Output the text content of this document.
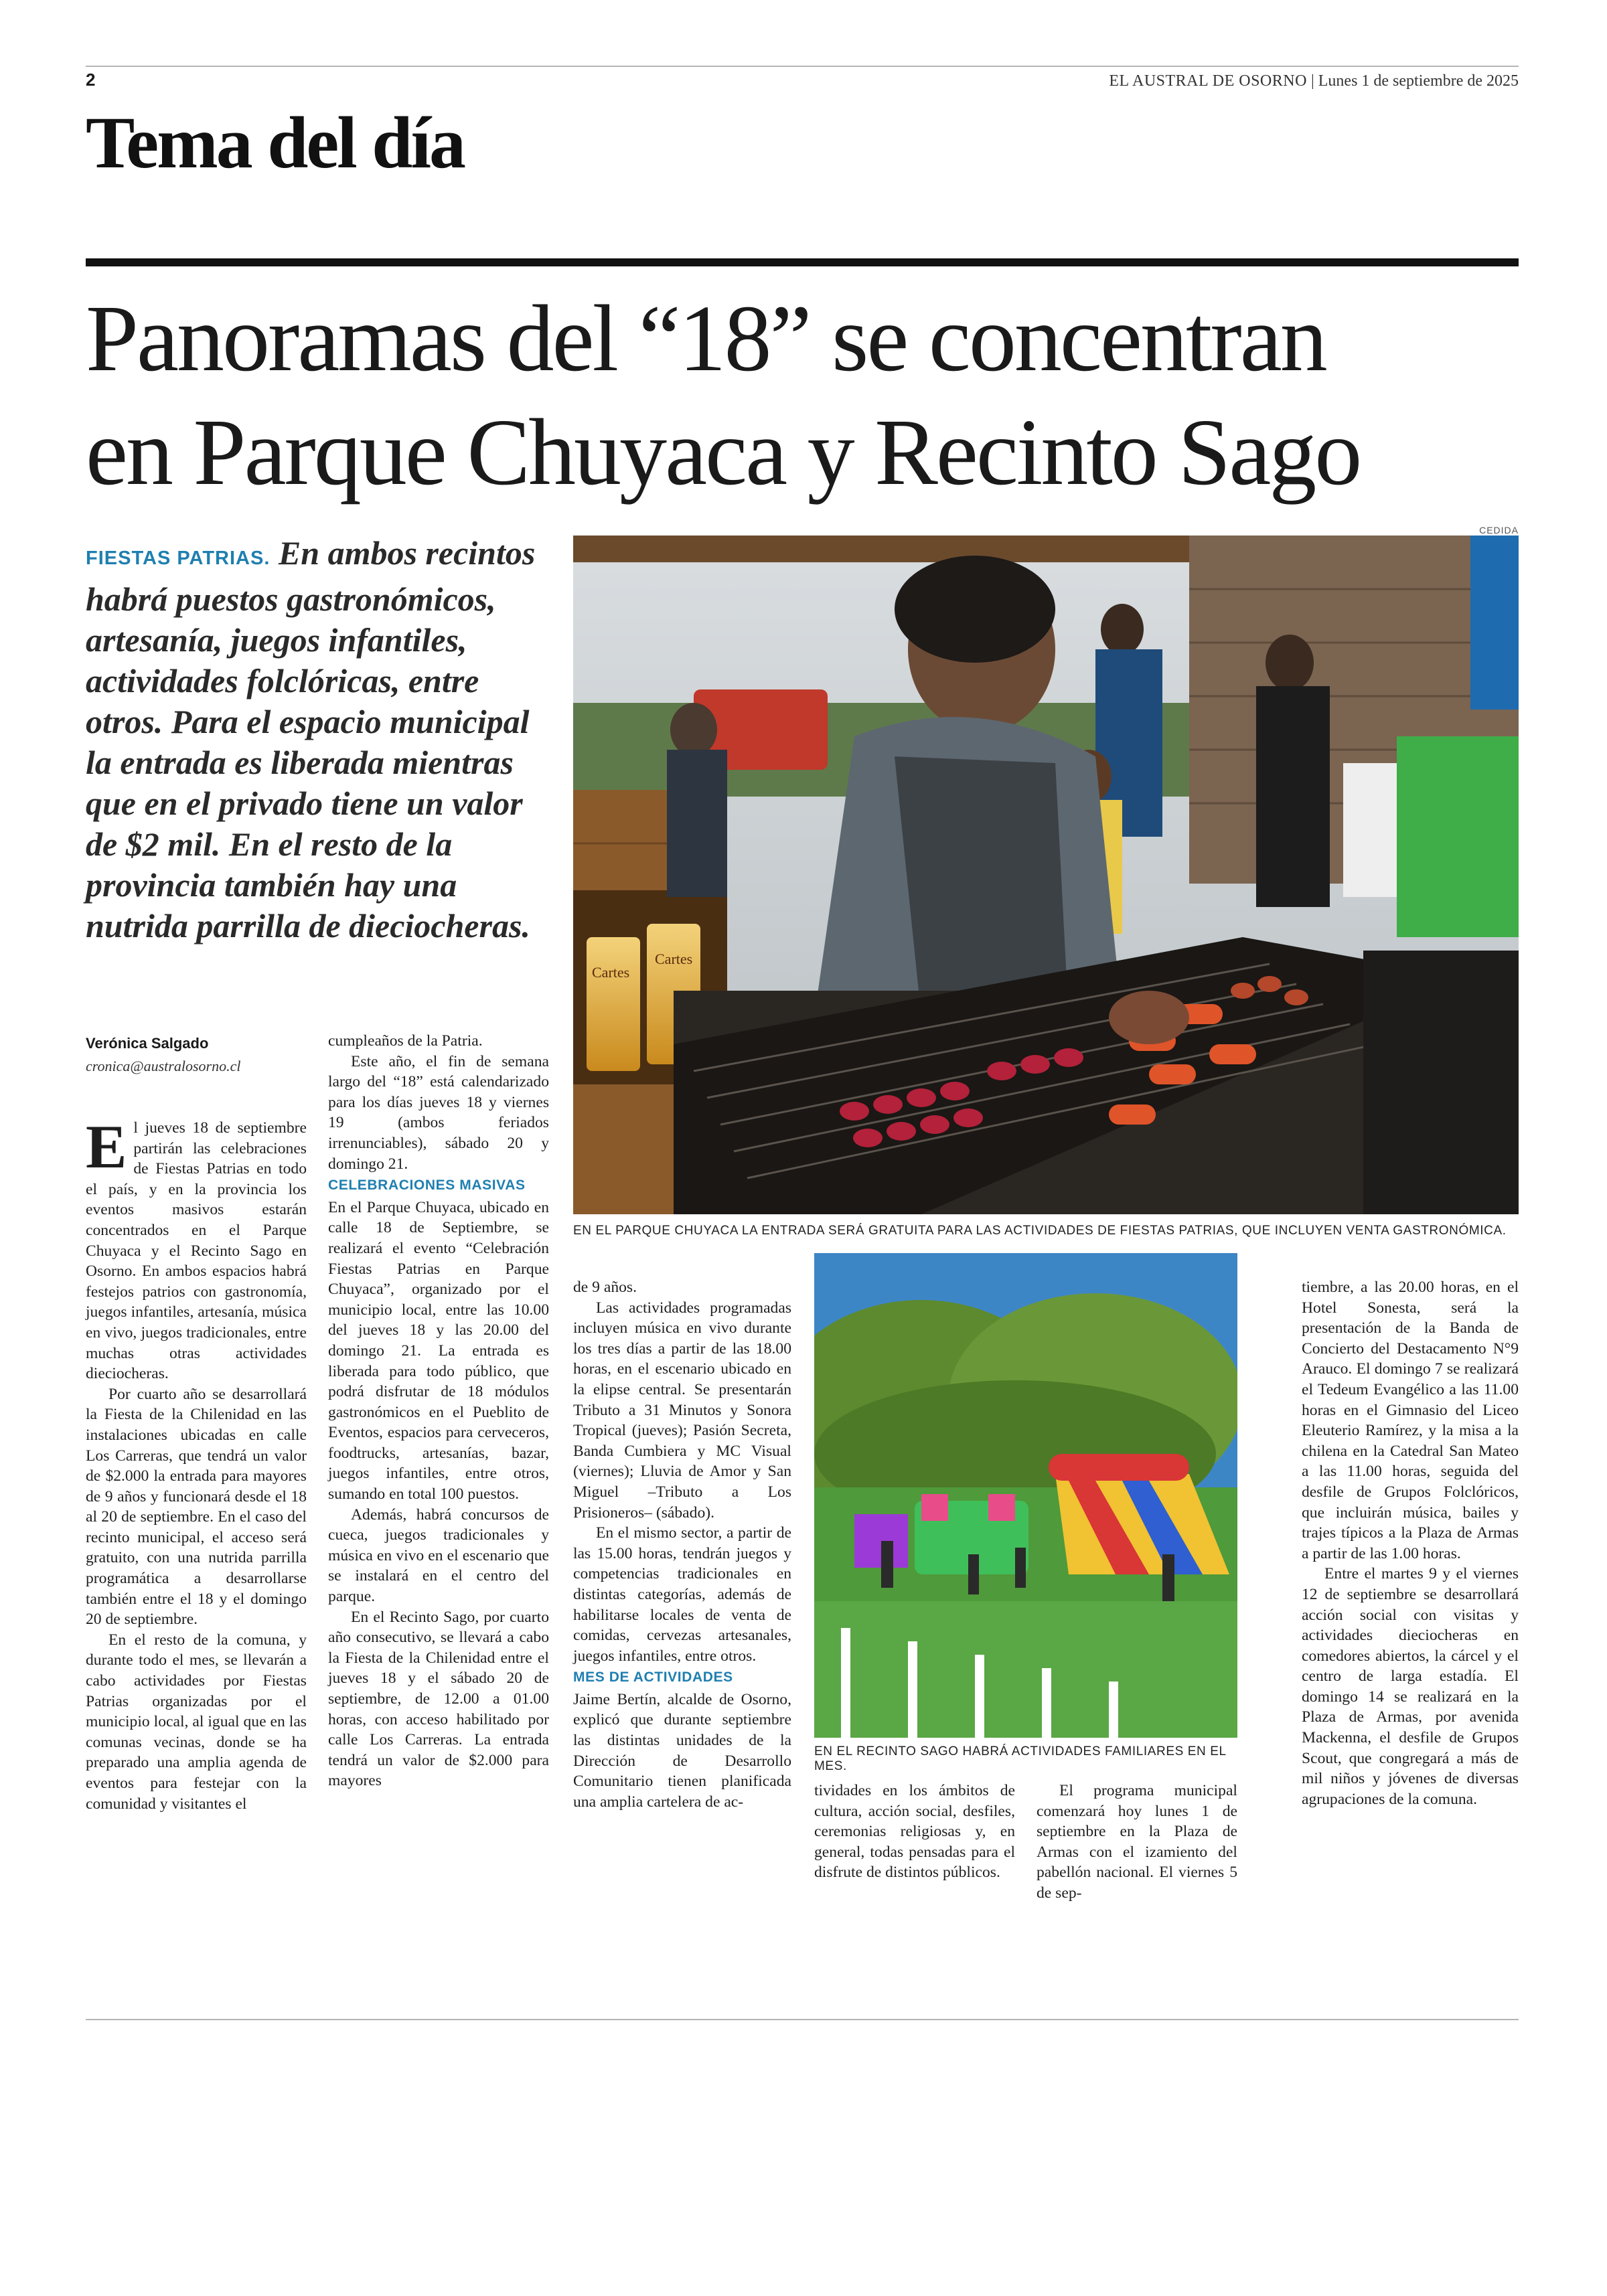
2	EL AUSTRAL DE OSORNO | Lunes 1 de septiembre de 2025
Tema del día
Panoramas del “18” se concentran
en Parque Chuyaca y Recinto Sago
FIESTAS PATRIAS. En ambos recintos habrá puestos gastronómicos, artesanía, juegos infantiles, actividades folclóricas, entre otros. Para el espacio municipal la entrada es liberada mientras que en el privado tiene un valor de $2 mil. En el resto de la provincia también hay una nutrida parrilla de dieciocheras.
CEDIDA
Cartes
Cartes
EN EL PARQUE CHUYACA LA ENTRADA SERÁ GRATUITA PARA LAS ACTIVIDADES DE FIESTAS PATRIAS, QUE INCLUYEN VENTA GASTRONÓMICA.
EN EL RECINTO SAGO HABRÁ ACTIVIDADES FAMILIARES EN EL MES.
Verónica Salgado
cronica@australosorno.cl

El jueves 18 de septiembre partirán las celebraciones de Fiestas Patrias en todo el país, y en la provincia los eventos masivos estarán concentrados en el Parque Chuyaca y el Recinto Sago en Osorno. En ambos espacios habrá festejos patrios con gastronomía, juegos infantiles, artesanía, música en vivo, juegos tradicionales, entre muchas otras actividades dieciocheras.

Por cuarto año se desarrollará la Fiesta de la Chilenidad en las instalaciones ubicadas en calle Los Carreras, que tendrá un valor de $2.000 la entrada para mayores de 9 años y funcionará desde el 18 al 20 de septiembre. En el caso del recinto municipal, el acceso será gratuito, con una nutrida parrilla programática a desarrollarse también entre el 18 y el domingo 20 de septiembre.

En el resto de la comuna, y durante todo el mes, se llevarán a cabo actividades por Fiestas Patrias organizadas por el municipio local, al igual que en las comunas vecinas, donde se ha preparado una amplia agenda de eventos para festejar con la comunidad y visitantes el

cumpleaños de la Patria.

Este año, el fin de semana largo del “18” está calendarizado para los días jueves 18 y viernes 19 (ambos feriados irrenunciables), sábado 20 y domingo 21.

CELEBRACIONES MASIVAS

En el Parque Chuyaca, ubicado en calle 18 de Septiembre, se realizará el evento “Celebración Fiestas Patrias en Parque Chuyaca”, organizado por el municipio local, entre las 10.00 del jueves 18 y las 20.00 del domingo 21. La entrada es liberada para todo público, que podrá disfrutar de 18 módulos gastronómicos en el Pueblito de Eventos, espacios para cerveceros, foodtrucks, artesanías, bazar, juegos infantiles, entre otros, sumando en total 100 puestos.

Además, habrá concursos de cueca, juegos tradicionales y música en vivo en el escenario que se instalará en el centro del parque.

En el Recinto Sago, por cuarto año consecutivo, se llevará a cabo la Fiesta de la Chilenidad entre el jueves 18 y el sábado 20 de septiembre, de 12.00 a 01.00 horas, con acceso habilitado por calle Los Carreras. La entrada tendrá un valor de $2.000 para mayores

de 9 años.

Las actividades programadas incluyen música en vivo durante los tres días a partir de las 18.00 horas, en el escenario ubicado en la elipse central. Se presentarán Tributo a 31 Minutos y Sonora Tropical (jueves); Pasión Secreta, Banda Cumbiera y MC Visual (viernes); Lluvia de Amor y San Miguel –Tributo a Los Prisioneros– (sábado).

En el mismo sector, a partir de las 15.00 horas, tendrán juegos y competencias tradicionales en distintas categorías, además de habilitarse locales de venta de comidas, cervezas artesanales, juegos infantiles, entre otros.

MES DE ACTIVIDADES

Jaime Bertín, alcalde de Osorno, explicó que durante septiembre las distintas unidades de la Dirección de Desarrollo Comunitario tienen planificada una amplia cartelera de ac-

tividades en los ámbitos de cultura, acción social, desfiles, ceremonias religiosas y, en general, todas pensadas para el disfrute de distintos públicos.

El programa municipal comenzará hoy lunes 1 de septiembre en la Plaza de Armas con el izamiento del pabellón nacional. El viernes 5 de sep-

tiembre, a las 20.00 horas, en el Hotel Sonesta, será la presentación de la Banda de Concierto del Destacamento N°9 Arauco. El domingo 7 se realizará el Tedeum Evangélico a las 11.00 horas en el Gimnasio del Liceo Eleuterio Ramírez, y la misa a la chilena en la Catedral San Mateo a las 11.00 horas, seguida del desfile de Grupos Folclóricos, que incluirán música, bailes y trajes típicos a la Plaza de Armas a partir de las 1.00 horas.

Entre el martes 9 y el viernes 12 de septiembre se desarrollará acción social con visitas y actividades dieciocheras en comedores abiertos, la cárcel y el centro de larga estadía. El domingo 14 se realizará en la Plaza de Armas, por avenida Mackenna, el desfile de Grupos Scout, que congregará a más de mil niños y jóvenes de diversas agrupaciones de la comuna.
